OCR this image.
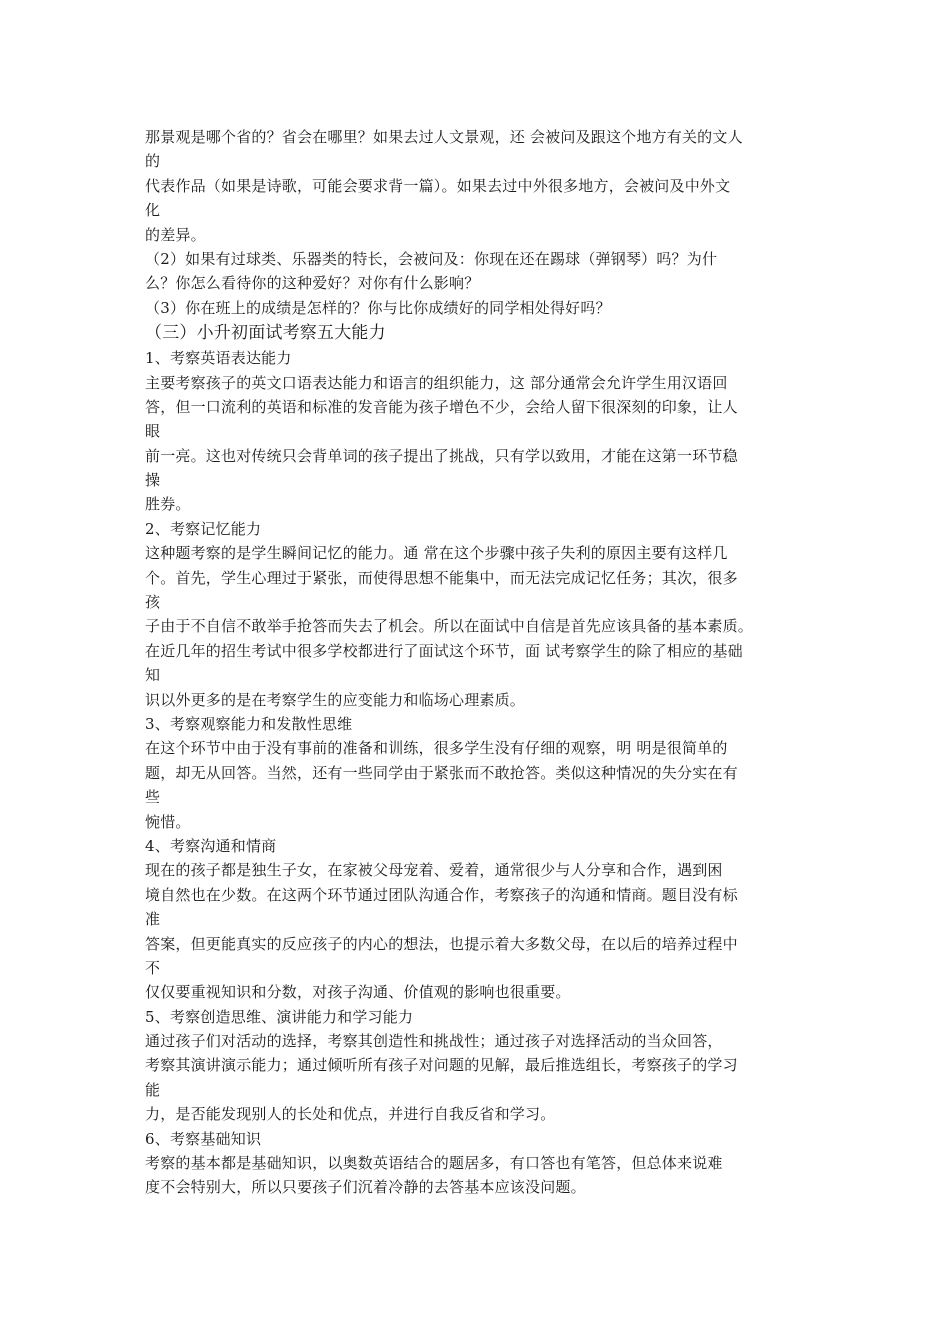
那景观是哪个省的？省会在哪里？如果去过人文景观，还 会被问及跟这个地方有关的文人
的
代表作品（如果是诗歌，可能会要求背一篇）。如果去过中外很多地方，会被问及中外文
化
的差异。
（2）如果有过球类、乐器类的特长，会被问及：你现在还在踢球（弹钢琴）吗？为什
么？你怎么看待你的这种爱好？对你有什么影响？
（3）你在班上的成绩是怎样的？你与比你成绩好的同学相处得好吗？
（三）小升初面试考察五大能力
1、考察英语表达能力
主要考察孩子的英文口语表达能力和语言的组织能力，这 部分通常会允许学生用汉语回
答，但一口流利的英语和标准的发音能为孩子增色不少，会给人留下很深刻的印象，让人
眼
前一亮。这也对传统只会背单词的孩子提出了挑战，只有学以致用，才能在这第一环节稳
操
胜券。
2、考察记忆能力
这种题考察的是学生瞬间记忆的能力。通 常在这个步骤中孩子失利的原因主要有这样几
个。首先，学生心理过于紧张，而使得思想不能集中，而无法完成记忆任务；其次，很多
孩
子由于不自信不敢举手抢答而失去了机会。所以在面试中自信是首先应该具备的基本素质。
在近几年的招生考试中很多学校都进行了面试这个环节，面 试考察学生的除了相应的基础
知
识以外更多的是在考察学生的应变能力和临场心理素质。
3、考察观察能力和发散性思维
在这个环节中由于没有事前的准备和训练，很多学生没有仔细的观察，明 明是很简单的
题，却无从回答。当然，还有一些同学由于紧张而不敢抢答。类似这种情况的失分实在有
些
惋惜。
4、考察沟通和情商
现在的孩子都是独生子女，在家被父母宠着、爱着，通常很少与人分享和合作，遇到困
境自然也在少数。在这两个环节通过团队沟通合作，考察孩子的沟通和情商。题目没有标
准
答案，但更能真实的反应孩子的内心的想法，也提示着大多数父母，在以后的培养过程中
不
仅仅要重视知识和分数，对孩子沟通、价值观的影响也很重要。
5、考察创造思维、演讲能力和学习能力
通过孩子们对活动的选择，考察其创造性和挑战性；通过孩子对选择活动的当众回答，
考察其演讲演示能力；通过倾听所有孩子对问题的见解，最后推选组长，考察孩子的学习
能
力，是否能发现别人的长处和优点，并进行自我反省和学习。
6、考察基础知识
考察的基本都是基础知识，以奥数英语结合的题居多，有口答也有笔答，但总体来说难
度不会特别大，所以只要孩子们沉着冷静的去答基本应该没问题。
